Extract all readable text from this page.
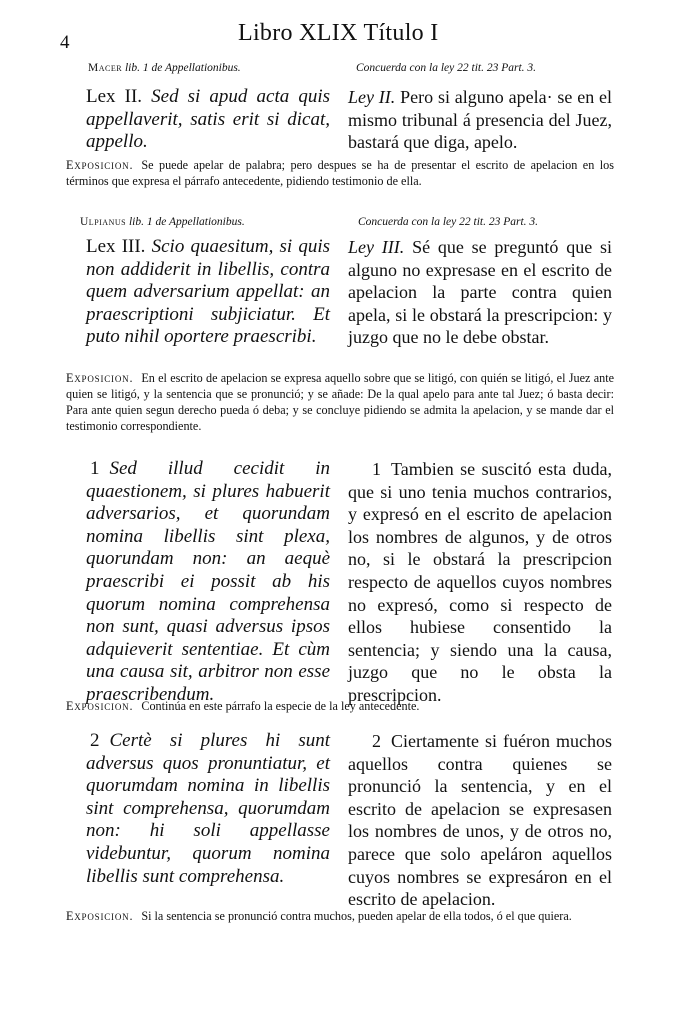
4	Libro XLIX Título I
Macer lib. 1 de Appellationibus.	Concuerda con la ley 22 tit. 23 Part. 3.
Lex II. Sed si apud acta quis appellaverit, satis erit si dicat, appello.
Ley II. Pero si alguno apela· se en el mismo tribunal á presencia del Juez, bastará que diga, apelo.
Exposicion. Se puede apelar de palabra; pero despues se ha de presentar el escrito de apelacion en los términos que expresa el párrafo antecedente, pidiendo testimonio de ella.
Ulpianus lib. 1 de Appellationibus.	Concuerda con la ley 22 tit. 23 Part. 3.
Lex III. Scio quaesitum, si quis non addiderit in libellis, contra quem adversarium appellat: an praescriptioni subjiciatur. Et puto nihil oportere praescribi.
Ley III. Sé que se preguntó que si alguno no expresase en el escrito de apelacion la parte contra quien apela, si le obstará la prescripcion: y juzgo que no le debe obstar.
Exposicion. En el escrito de apelacion se expresa aquello sobre que se litigó, con quién se litigó, el Juez ante quien se litigó, y la sentencia que se pronunció; y se añade: De la qual apelo para ante tal Juez; ó basta decir: Para ante quien segun derecho pueda ó deba; y se concluye pidiendo se admita la apelacion, y se mande dar el testimonio correspondiente.
1 Sed illud cecidit in quaestionem, si plures habuerit adversarios, et quorundam nomina libellis sint plexa, quorundam non: an aequè praescribi ei possit ab his quorum nomina comprehensa non sunt, quasi adversus ipsos adquieverit sententiae. Et cùm una causa sit, arbitror non esse praescribendum.
1 Tambien se suscitó esta duda, que si uno tenia muchos contrarios, y expresó en el escrito de apelacion los nombres de algunos, y de otros no, si le obstará la prescripcion respecto de aquellos cuyos nombres no expresó, como si respecto de ellos hubiese consentido la sentencia; y siendo una la causa, juzgo que no le obsta la prescripcion.
Exposicion. Continúa en este párrafo la especie de la ley antecedente.
2 Certè si plures hi sunt adversus quos pronuntiatur, et quorumdam nomina in libellis sint comprehensa, quorumdam non: hi soli appellasse videbuntur, quorum nomina libellis sunt comprehensa.
2 Ciertamente si fuéron muchos aquellos contra quienes se pronunció la sentencia, y en el escrito de apelacion se expresasen los nombres de unos, y de otros no, parece que solo apeláron aquellos cuyos nombres se expresáron en el escrito de apelacion.
Exposicion. Si la sentencia se pronunció contra muchos, pueden apelar de ella todos, ó el que quiera.
